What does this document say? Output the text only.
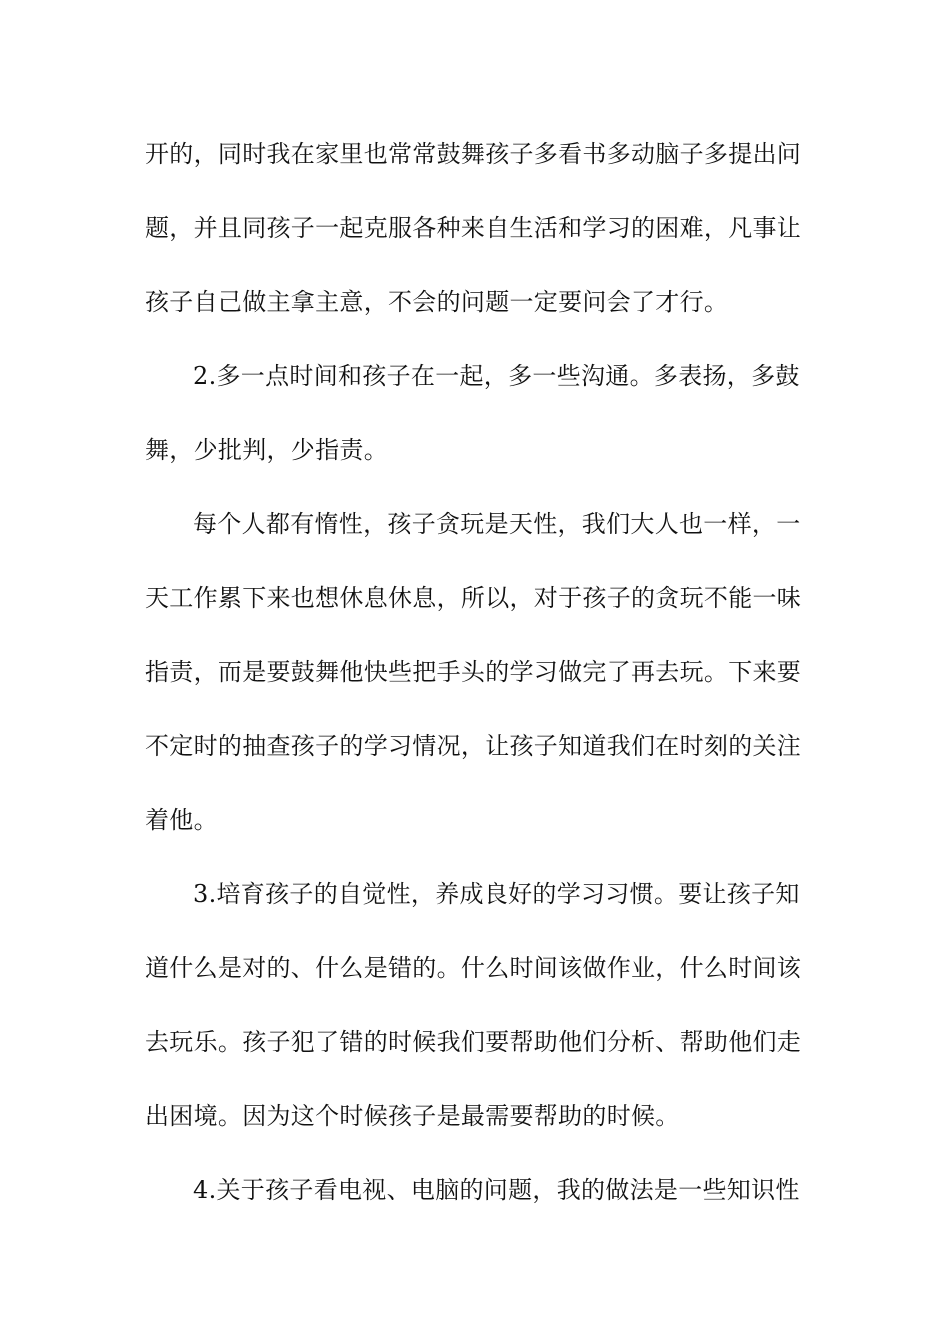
开的，同时我在家里也常常鼓舞孩子多看书多动脑子多提出问
题，并且同孩子一起克服各种来自生活和学习的困难，凡事让
孩子自己做主拿主意，不会的问题一定要问会了才行。
2.多一点时间和孩子在一起，多一些沟通。多表扬，多鼓
舞，少批判，少指责。
每个人都有惰性，孩子贪玩是天性，我们大人也一样，一
天工作累下来也想休息休息，所以，对于孩子的贪玩不能一味
指责，而是要鼓舞他快些把手头的学习做完了再去玩。下来要
不定时的抽查孩子的学习情况，让孩子知道我们在时刻的关注
着他。
3.培育孩子的自觉性，养成良好的学习习惯。要让孩子知
道什么是对的、什么是错的。什么时间该做作业，什么时间该
去玩乐。孩子犯了错的时候我们要帮助他们分析、帮助他们走
出困境。因为这个时候孩子是最需要帮助的时候。
4.关于孩子看电视、电脑的问题，我的做法是一些知识性
